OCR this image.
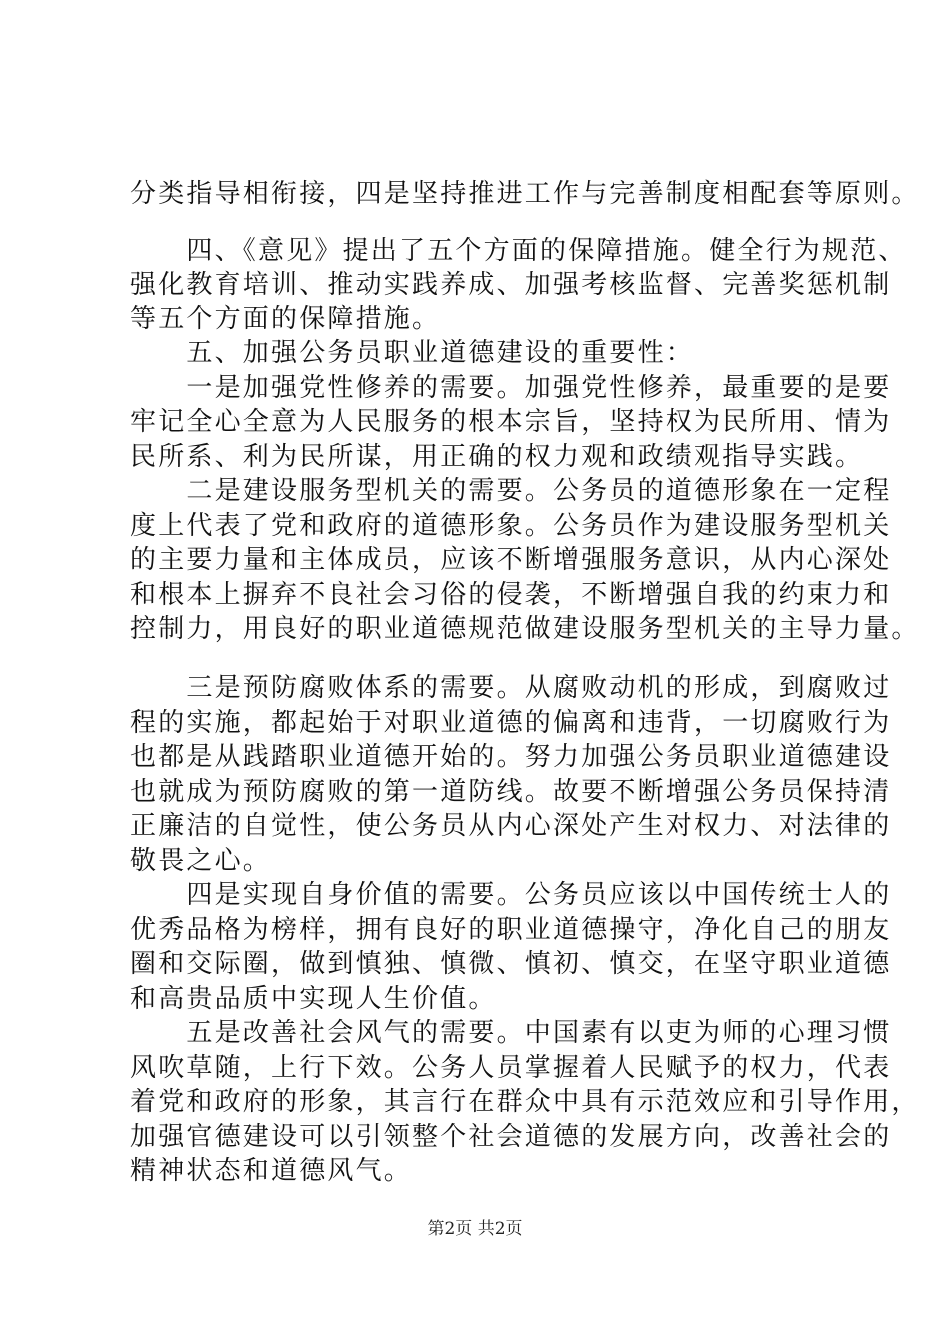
分类指导相衔接，四是坚持推进工作与完善制度相配套等原则。
　　四、《意见》提出了五个方面的保障措施。健全行为规范、
强化教育培训、推动实践养成、加强考核监督、完善奖惩机制
等五个方面的保障措施。
　　五、加强公务员职业道德建设的重要性：
　　一是加强党性修养的需要。加强党性修养，最重要的是要
牢记全心全意为人民服务的根本宗旨，坚持权为民所用、情为
民所系、利为民所谋，用正确的权力观和政绩观指导实践。
　　二是建设服务型机关的需要。公务员的道德形象在一定程
度上代表了党和政府的道德形象。公务员作为建设服务型机关
的主要力量和主体成员，应该不断增强服务意识，从内心深处
和根本上摒弃不良社会习俗的侵袭，不断增强自我的约束力和
控制力，用良好的职业道德规范做建设服务型机关的主导力量。
　　三是预防腐败体系的需要。从腐败动机的形成，到腐败过
程的实施，都起始于对职业道德的偏离和违背，一切腐败行为
也都是从践踏职业道德开始的。努力加强公务员职业道德建设
也就成为预防腐败的第一道防线。故要不断增强公务员保持清
正廉洁的自觉性，使公务员从内心深处产生对权力、对法律的
敬畏之心。
　　四是实现自身价值的需要。公务员应该以中国传统士人的
优秀品格为榜样，拥有良好的职业道德操守，净化自己的朋友
圈和交际圈，做到慎独、慎微、慎初、慎交，在坚守职业道德
和高贵品质中实现人生价值。
　　五是改善社会风气的需要。中国素有以吏为师的心理习惯
风吹草随，上行下效。公务人员掌握着人民赋予的权力，代表
着党和政府的形象，其言行在群众中具有示范效应和引导作用，
加强官德建设可以引领整个社会道德的发展方向，改善社会的
精神状态和道德风气。
第2页 共2页
